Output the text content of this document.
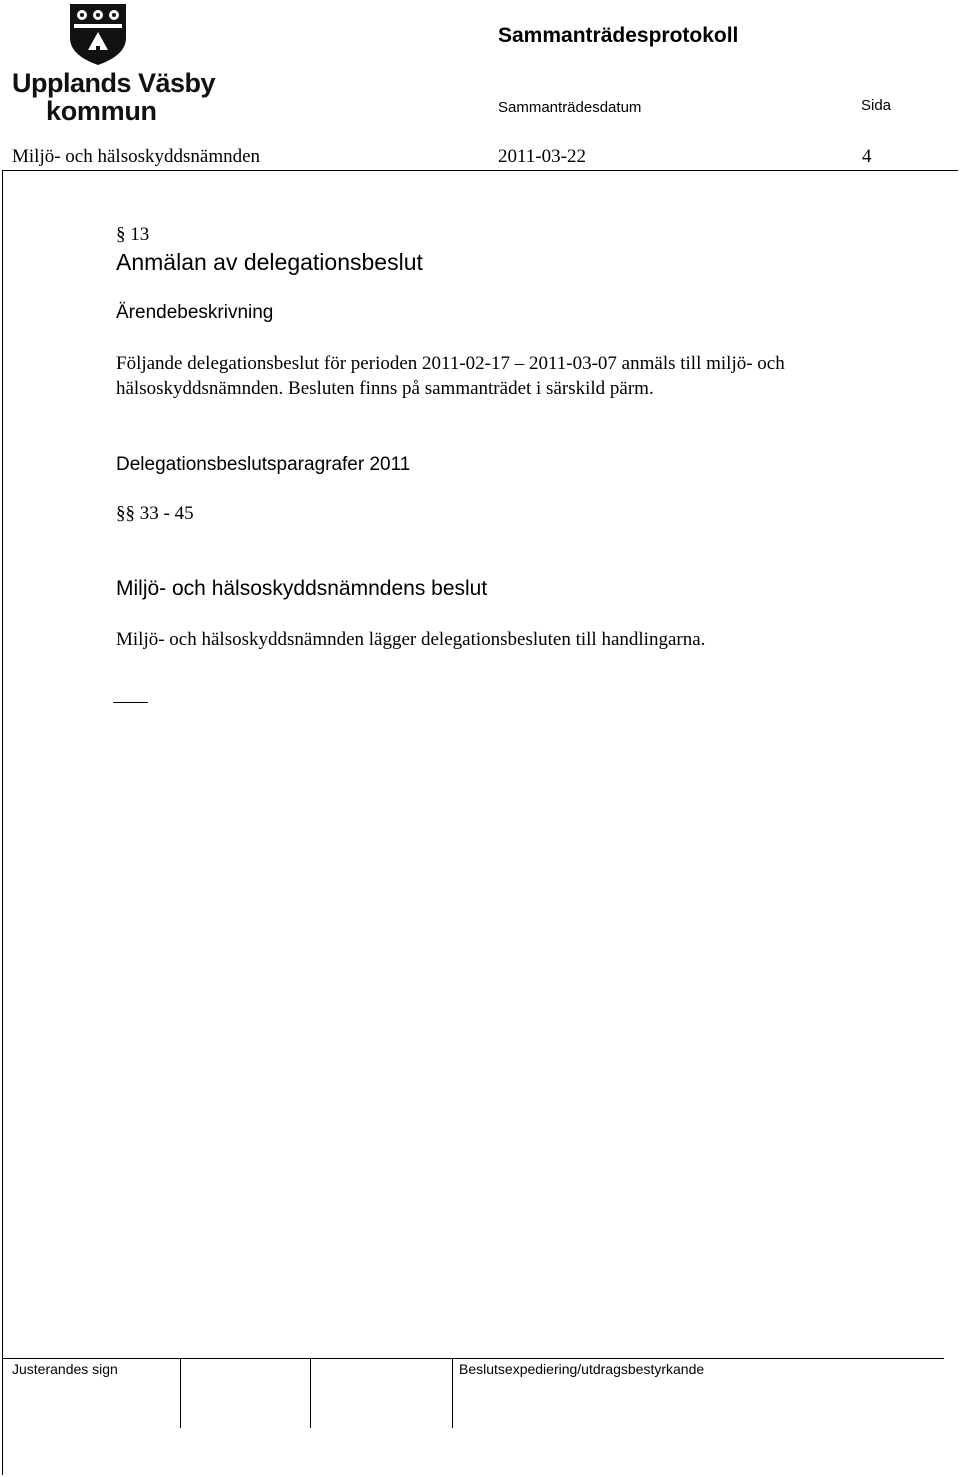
Upplands Väsby
kommun
Sammanträdesprotokoll
Sammanträdesdatum	Sida
Miljö- och hälsoskyddsnämnden	2011-03-22	4
§ 13
Anmälan av delegationsbeslut
Ärendebeskrivning
Följande delegationsbeslut för perioden 2011-02-17 – 2011-03-07 anmäls till miljö- och
hälsoskyddsnämnden. Besluten finns på sammanträdet i särskild pärm.
Delegationsbeslutsparagrafer 2011
§§ 33 - 45
Miljö- och hälsoskyddsnämndens beslut
Miljö- och hälsoskyddsnämnden lägger delegationsbesluten till handlingarna.
Justerandes sign	Beslutsexpediering/utdragsbestyrkande
